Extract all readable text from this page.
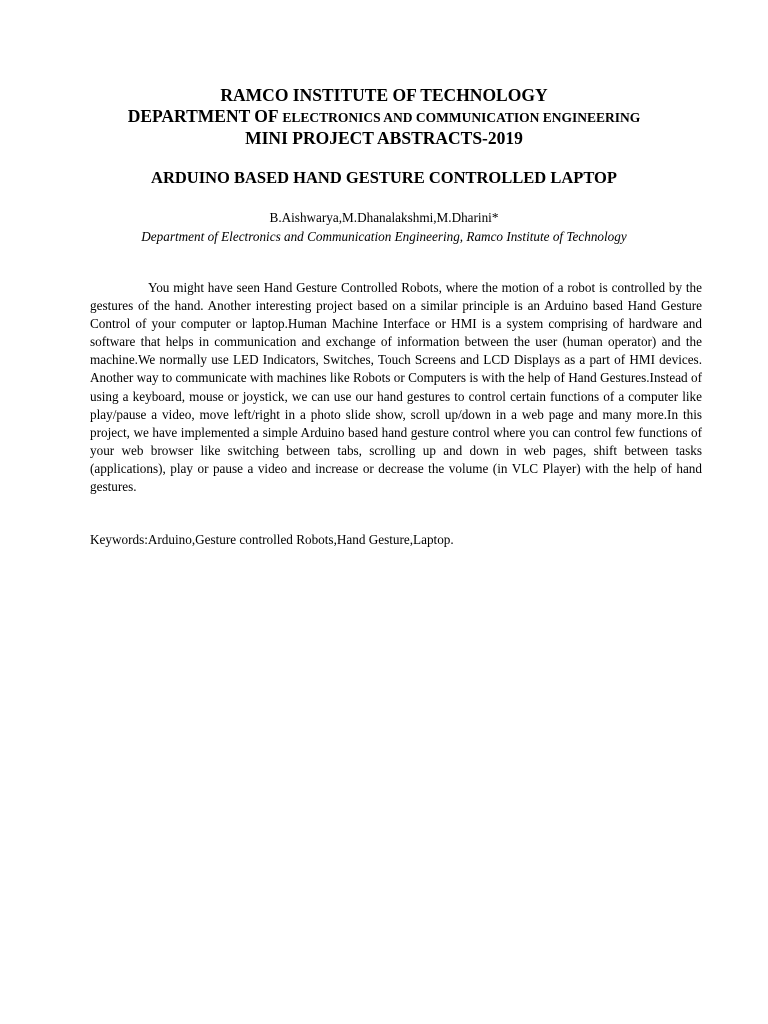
RAMCO INSTITUTE OF TECHNOLOGY
DEPARTMENT OF ELECTRONICS AND COMMUNICATION ENGINEERING
MINI PROJECT ABSTRACTS-2019
ARDUINO BASED HAND GESTURE CONTROLLED LAPTOP
B.Aishwarya,M.Dhanalakshmi,M.Dharini*
Department of Electronics and Communication Engineering, Ramco Institute of Technology

You might have seen Hand Gesture Controlled Robots, where the motion of a robot is controlled by the gestures of the hand. Another interesting project based on a similar principle is an Arduino based Hand Gesture Control of your computer or laptop.Human Machine Interface or HMI is a system comprising of hardware and software that helps in communication and exchange of information between the user (human operator) and the machine.We normally use LED Indicators, Switches, Touch Screens and LCD Displays as a part of HMI devices. Another way to communicate with machines like Robots or Computers is with the help of Hand Gestures.Instead of using a keyboard, mouse or joystick, we can use our hand gestures to control certain functions of a computer like play/pause a video, move left/right in a photo slide show, scroll up/down in a web page and many more.In this project, we have implemented a simple Arduino based hand gesture control where you can control few functions of your web browser like switching between tabs, scrolling up and down in web pages, shift between tasks (applications), play or pause a video and increase or decrease the volume (in VLC Player) with the help of hand gestures.

Keywords:Arduino,Gesture controlled Robots,Hand Gesture,Laptop.
